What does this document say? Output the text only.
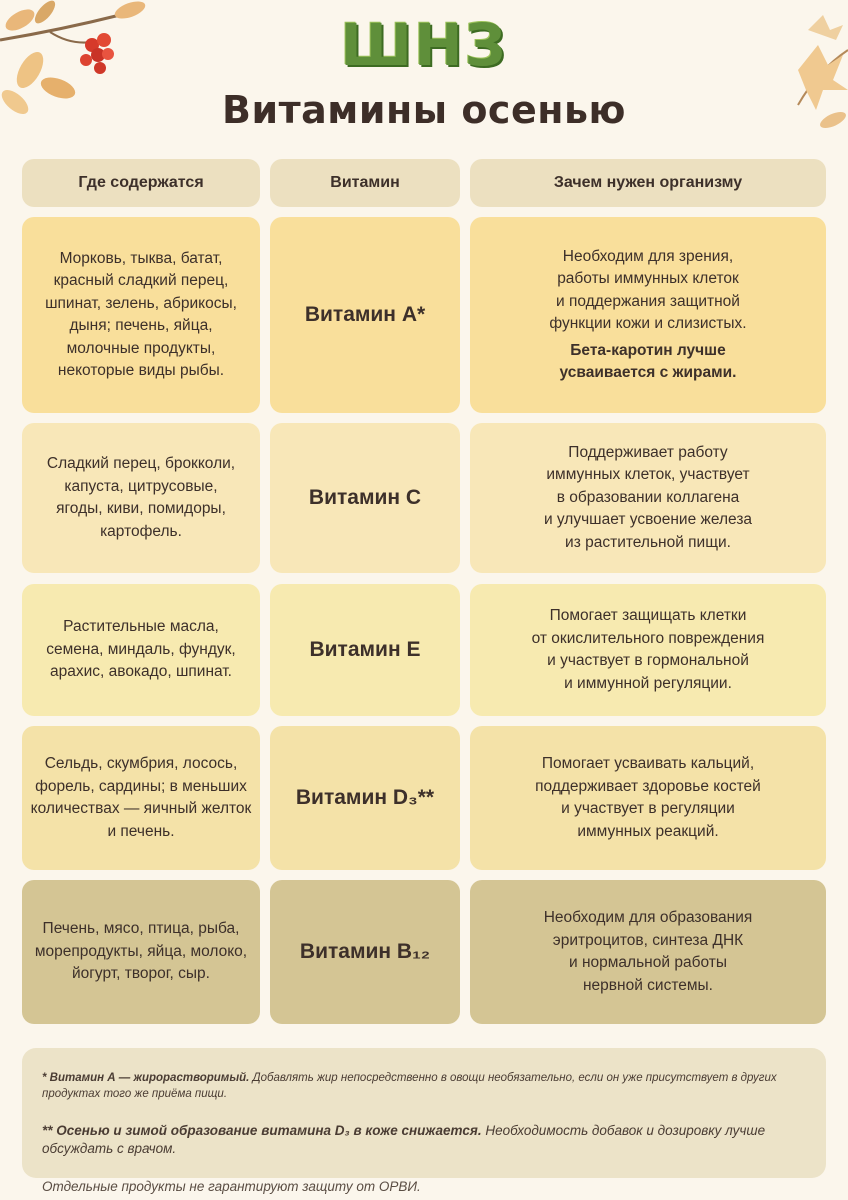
ШНЗ
Витамины осенью
Где содержатся	Витамин	Зачем нужен организму
Морковь, тыква, батат,
красный сладкий перец,
шпинат, зелень, абрикосы,
дыня; печень, яйца,
молочные продукты,
некоторые виды рыбы.
Витамин A*
Необходим для зрения,
работы иммунных клеток
и поддержания защитной
функции кожи и слизистых.
Бета-каротин лучше
усваивается с жирами.
Сладкий перец, брокколи,
капуста, цитрусовые,
ягоды, киви, помидоры,
картофель.
Витамин C
Поддерживает работу
иммунных клеток, участвует
в образовании коллагена
и улучшает усвоение железа
из растительной пищи.
Растительные масла,
семена, миндаль, фундук,
арахис, авокадо, шпинат.
Витамин E
Помогает защищать клетки
от окислительного повреждения
и участвует в гормональной
и иммунной регуляции.
Сельдь, скумбрия, лосось,
форель, сардины; в меньших
количествах — яичный желток
и печень.
Витамин D₃**
Помогает усваивать кальций,
поддерживает здоровье костей
и участвует в регуляции
иммунных реакций.
Печень, мясо, птица, рыба,
морепродукты, яйца, молоко,
йогурт, творог, сыр.
Витамин B₁₂
Необходим для образования
эритроцитов, синтеза ДНК
и нормальной работы
нервной системы.
* Витамин А — жирорастворимый. Добавлять жир непосредственно в овощи необязательно, если он уже присутствует в других продуктах того же приёма пищи.
** Осенью и зимой образование витамина D₃ в коже снижается. Необходимость добавок и дозировку лучше обсуждать с врачом.
Отдельные продукты не гарантируют защиту от ОРВИ.
